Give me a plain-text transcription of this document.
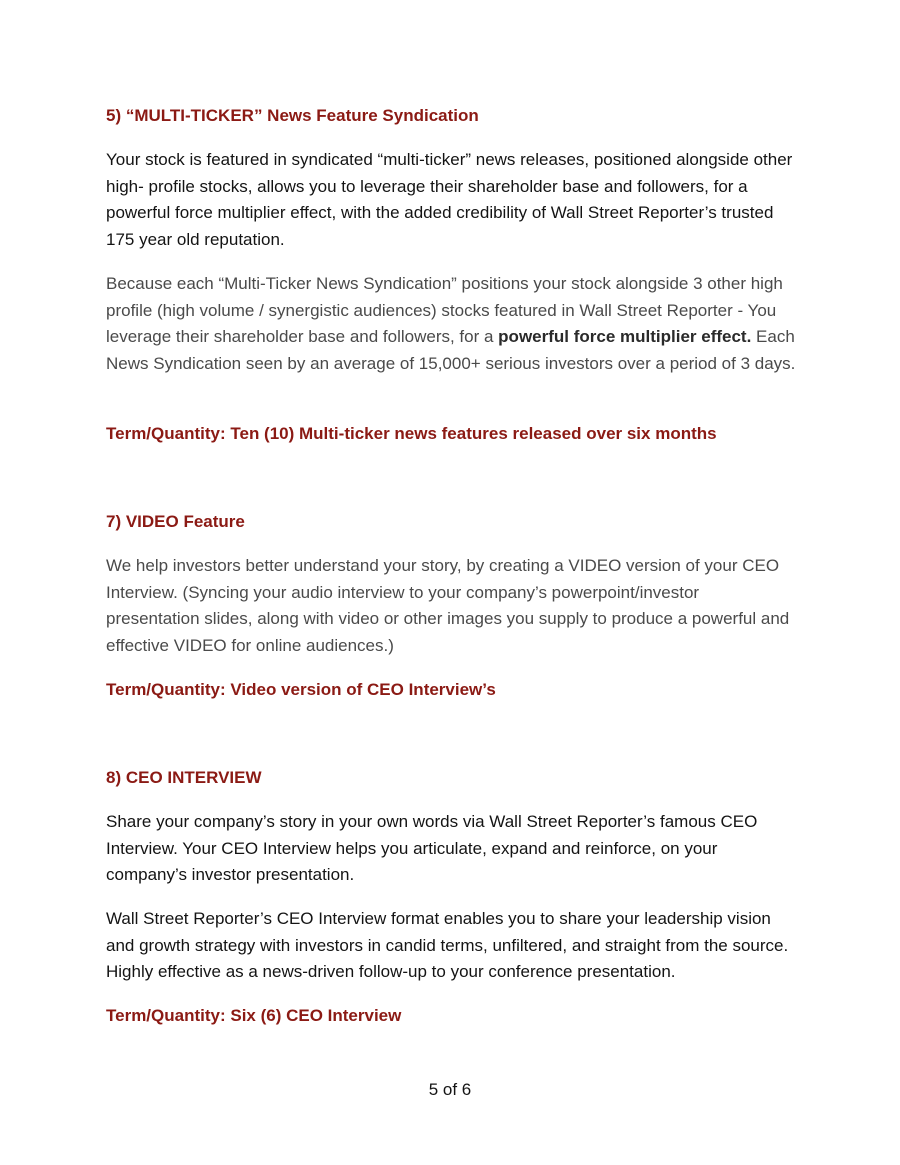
5) “MULTI-TICKER” News Feature Syndication

Your stock is featured in syndicated “multi-ticker” news releases, positioned alongside other high- profile stocks, allows you to leverage their shareholder base and followers, for a powerful force multiplier effect, with the added credibility of Wall Street Reporter’s trusted 175 year old reputation.

Because each “Multi-Ticker News Syndication” positions your stock alongside 3 other high profile (high volume / synergistic audiences) stocks featured in Wall Street Reporter - You leverage their shareholder base and followers, for a powerful force multiplier effect. Each News Syndication seen by an average of 15,000+ serious investors over a period of 3 days.

Term/Quantity: Ten (10) Multi-ticker news features released over six months
7) VIDEO Feature

We help investors better understand your story, by creating a VIDEO version of your CEO Interview. (Syncing your audio interview to your company’s powerpoint/investor presentation slides, along with video or other images you supply to produce a powerful and effective VIDEO for online audiences.)

Term/Quantity: Video version of CEO Interview’s
8) CEO INTERVIEW

Share your company’s story in your own words via Wall Street Reporter’s famous CEO Interview. Your CEO Interview helps you articulate, expand and reinforce, on your company’s investor presentation.

Wall Street Reporter’s CEO Interview format enables you to share your leadership vision and growth strategy with investors in candid terms, unfiltered, and straight from the source. Highly effective as a news-driven follow-up to your conference presentation.

Term/Quantity: Six (6) CEO Interview
5 of 6
